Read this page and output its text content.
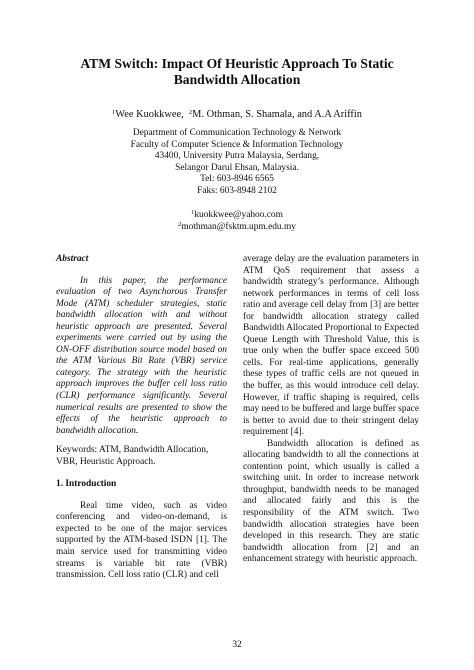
ATM Switch: Impact Of Heuristic Approach To Static
Bandwidth Allocation
$^1$Wee Kuokkwee, $^2$M. Othman, S. Shamala, and A.A Ariffin
Department of Communication Technology & Network
Faculty of Computer Science & Information Technology
43400, University Putra Malaysia, Serdang,
Selangor Darul Ehsan, Malaysia.
Tel: 603-8946 6565
Faks: 603-8948 2102
$^1$kuokkwee@yahoo.com
$^2$mothman@fsktm.upm.edu.my

Abstract

In this paper, the performance evaluation of two Asynchorous Transfer Mode (ATM) scheduler strategies, static bandwidth allocation with and without heuristic approach are presented. Several experiments were carried out by using the ON-OFF distribution source model based on the ATM Various Bit Rate (VBR) service category. The strategy with the heuristic approach improves the buffer cell loss ratio (CLR) performance significantly. Several numerical results are presented to show the effects of the heuristic approach to bandwidth allocation.

Keywords: ATM, Bandwidth Allocation, VBR, Heuristic Approach.

1. Introduction

Real time video, such as video conferencing and video-on-demand, is expected to be one of the major services supported by the ATM-based ISDN [1]. The main service used for transmitting video streams is variable bit rate (VBR) transmission. Cell loss ratio (CLR) and cell

average delay are the evaluation parameters in ATM QoS requirement that assess a bandwidth strategy’s performance. Although network performances in terms of cell loss ratio and average cell delay from [3] are better for bandwidth allocation strategy called Bandwidth Allocated Proportional to Expected Queue Length with Threshold Value, this is true only when the buffer space exceed 500 cells. For real-time applications, generally these types of traffic cells are not queued in the buffer, as this would introduce cell delay. However, if traffic shaping is required, cells may need to be buffered and large buffer space is better to avoid due to their stringent delay requirement [4].

Bandwidth allocation is defined as allocating bandwidth to all the connections at contention point, which usually is called a switching unit. In order to increase network throughput, bandwidth needs to be managed and allocated fairly and this is the responsibility of the ATM switch. Two bandwidth allocation strategies have been developed in this research. They are static bandwidth allocation from [2] and an enhancement strategy with heuristic approach.

32
